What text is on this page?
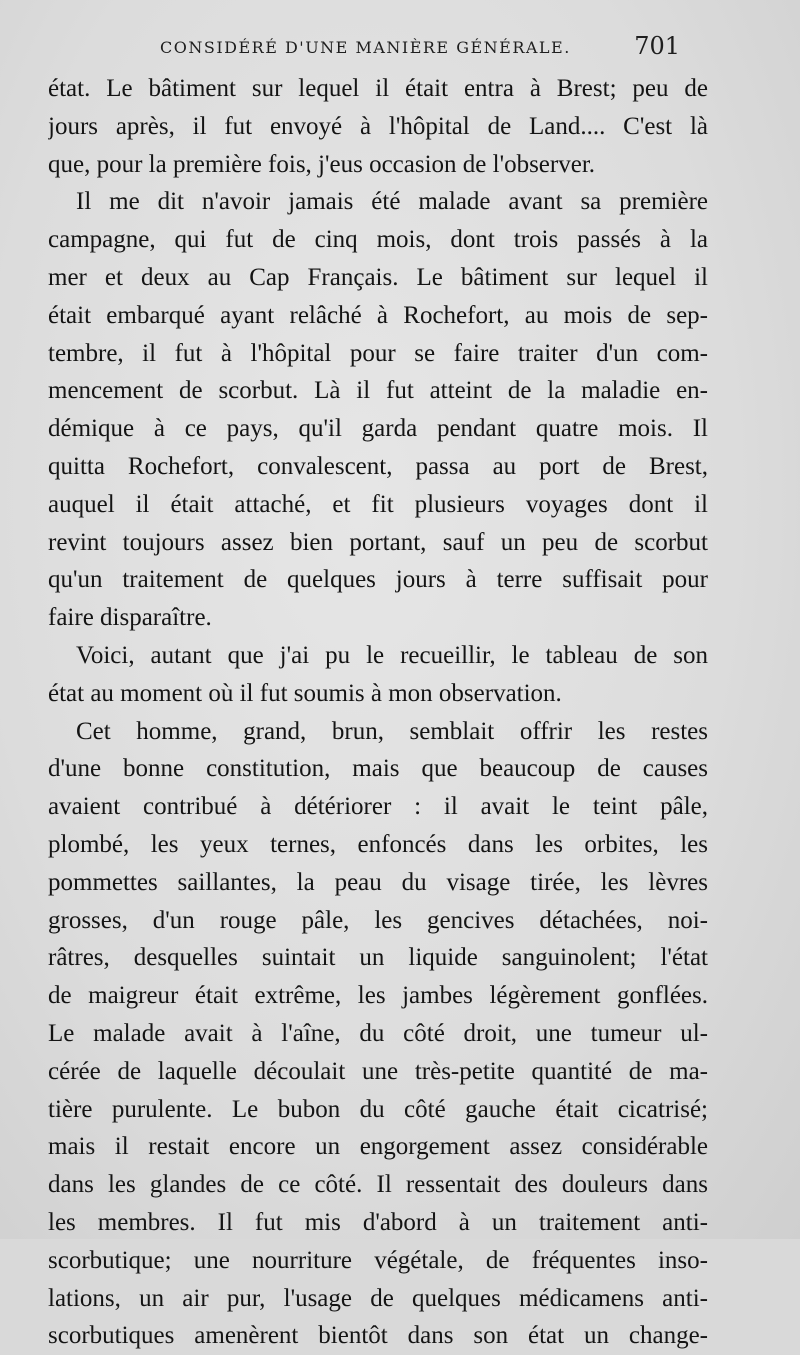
CONSIDÉRÉ D'UNE MANIÈRE GÉNÉRALE.	701
état. Le bâtiment sur lequel il était entra à Brest; peu de
jours après, il fut envoyé à l'hôpital de Land.... C'est là
que, pour la première fois, j'eus occasion de l'observer.
Il me dit n'avoir jamais été malade avant sa première
campagne, qui fut de cinq mois, dont trois passés à la
mer et deux au Cap Français. Le bâtiment sur lequel il
était embarqué ayant relâché à Rochefort, au mois de sep-
tembre, il fut à l'hôpital pour se faire traiter d'un com-
mencement de scorbut. Là il fut atteint de la maladie en-
démique à ce pays, qu'il garda pendant quatre mois. Il
quitta Rochefort, convalescent, passa au port de Brest,
auquel il était attaché, et fit plusieurs voyages dont il
revint toujours assez bien portant, sauf un peu de scorbut
qu'un traitement de quelques jours à terre suffisait pour
faire disparaître.
Voici, autant que j'ai pu le recueillir, le tableau de son
état au moment où il fut soumis à mon observation.
Cet homme, grand, brun, semblait offrir les restes
d'une bonne constitution, mais que beaucoup de causes
avaient contribué à détériorer : il avait le teint pâle,
plombé, les yeux ternes, enfoncés dans les orbites, les
pommettes saillantes, la peau du visage tirée, les lèvres
grosses, d'un rouge pâle, les gencives détachées, noi-
râtres, desquelles suintait un liquide sanguinolent; l'état
de maigreur était extrême, les jambes légèrement gonflées.
Le malade avait à l'aîne, du côté droit, une tumeur ul-
cérée de laquelle découlait une très-petite quantité de ma-
tière purulente. Le bubon du côté gauche était cicatrisé;
mais il restait encore un engorgement assez considérable
dans les glandes de ce côté. Il ressentait des douleurs dans
les membres. Il fut mis d'abord à un traitement anti-
scorbutique; une nourriture végétale, de fréquentes inso-
lations, un air pur, l'usage de quelques médicamens anti-
scorbutiques amenèrent bientôt dans son état un change-
